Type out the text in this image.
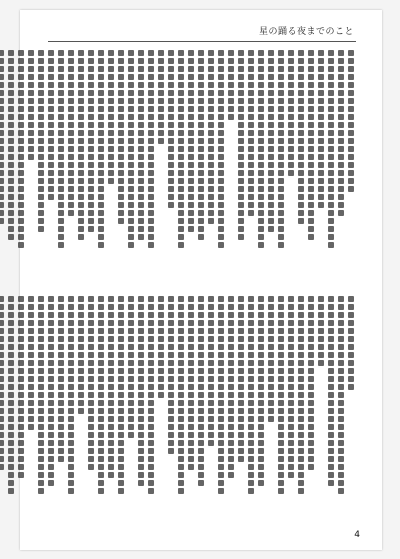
星の踊る夜までのこと
4
